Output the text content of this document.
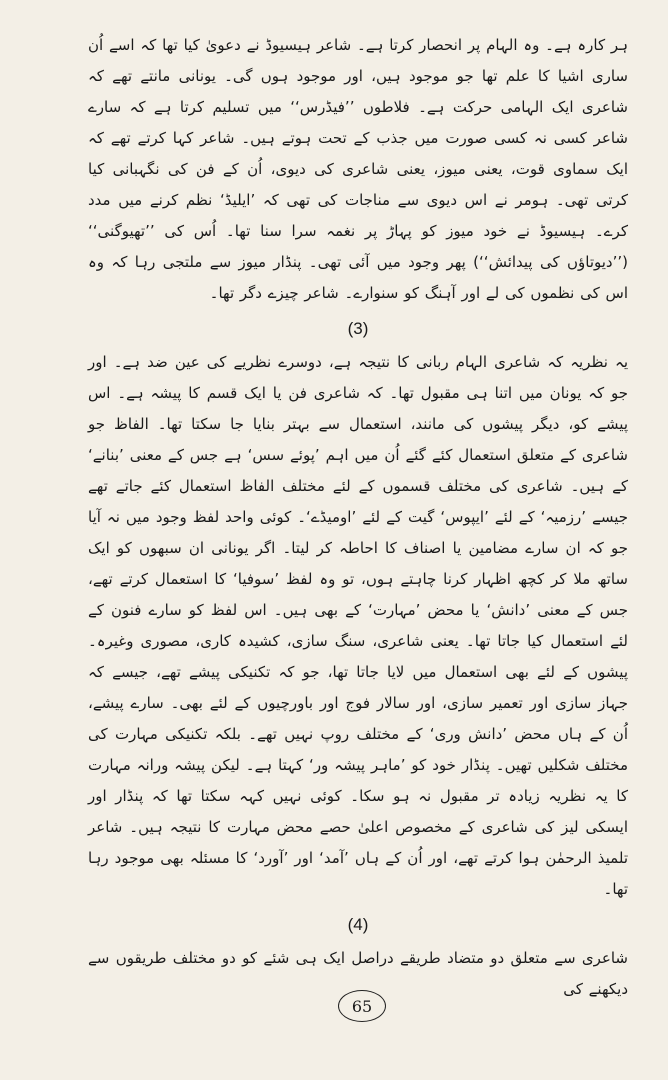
ہر کارہ ہے۔ وہ الہام پر انحصار کرتا ہے۔ شاعر ہیسیوڈ نے دعویٰ کیا تھا کہ اسے اُن ساری اشیا کا علم تھا جو موجود ہیں، اور موجود ہوں گی۔ یونانی مانتے تھے کہ شاعری ایک الہامی حرکت ہے۔ فلاطوں ’’فیڈرس‘‘ میں تسلیم کرتا ہے کہ سارے شاعر کسی نہ کسی صورت میں جذب کے تحت ہوتے ہیں۔ شاعر کہا کرتے تھے کہ ایک سماوی قوت، یعنی میوز، یعنی شاعری کی دیوی، اُن کے فن کی نگہبانی کیا کرتی تھی۔ ہومر نے اس دیوی سے مناجات کی تھی کہ ’ایلیڈ‘ نظم کرنے میں مدد کرے۔ ہیسیوڈ نے خود میوز کو پہاڑ پر نغمہ سرا سنا تھا۔ اُس کی ’’تھیوگنی‘‘ (’’دیوتاؤں کی پیدائش‘‘) پھر وجود میں آئی تھی۔ پنڈار میوز سے ملتجی رہا کہ وہ اس کی نظموں کی لے اور آہنگ کو سنوارے۔ شاعر چیزے دگر تھا۔

(3)

یہ نظریہ کہ شاعری الہام ربانی کا نتیجہ ہے، دوسرے نظریے کی عین ضد ہے۔ اور جو کہ یونان میں اتنا ہی مقبول تھا۔ کہ شاعری فن یا ایک قسم کا پیشہ ہے۔ اس پیشے کو، دیگر پیشوں کی مانند، استعمال سے بہتر بنایا جا سکتا تھا۔ الفاظ جو شاعری کے متعلق استعمال کئے گئے اُن میں اہم ’پوئے سس‘ ہے جس کے معنی ’بنانے‘ کے ہیں۔ شاعری کی مختلف قسموں کے لئے مختلف الفاظ استعمال کئے جاتے تھے جیسے ’رزمیہ‘ کے لئے ’ایپوس‘ گیت کے لئے ’اومیڈے‘۔ کوئی واحد لفظ وجود میں نہ آیا جو کہ ان سارے مضامین یا اصناف کا احاطہ کر لیتا۔ اگر یونانی ان سبھوں کو ایک ساتھ ملا کر کچھ اظہار کرنا چاہتے ہوں، تو وہ لفظ ’سوفیا‘ کا استعمال کرتے تھے، جس کے معنی ’دانش‘ یا محض ’مہارت‘ کے بھی ہیں۔ اس لفظ کو سارے فنون کے لئے استعمال کیا جاتا تھا۔ یعنی شاعری، سنگ سازی، کشیدہ کاری، مصوری وغیرہ۔ پیشوں کے لئے بھی استعمال میں لایا جاتا تھا، جو کہ تکنیکی پیشے تھے، جیسے کہ جہاز سازی اور تعمیر سازی، اور سالار فوج اور باورچیوں کے لئے بھی۔ سارے پیشے، اُن کے ہاں محض ’دانش وری‘ کے مختلف روپ نہیں تھے۔ بلکہ تکنیکی مہارت کی مختلف شکلیں تھیں۔ پنڈار خود کو ’ماہر پیشہ ور‘ کہتا ہے۔ لیکن پیشہ ورانہ مہارت کا یہ نظریہ زیادہ تر مقبول نہ ہو سکا۔ کوئی نہیں کہہ سکتا تھا کہ پنڈار اور ایسکی لیز کی شاعری کے مخصوص اعلیٰ حصے محض مہارت کا نتیجہ ہیں۔ شاعر تلمیذ الرحمٰن ہوا کرتے تھے، اور اُن کے ہاں ’آمد‘ اور ’آورد‘ کا مسئلہ بھی موجود رہا تھا۔

(4)

شاعری سے متعلق دو متضاد طریقے دراصل ایک ہی شئے کو دو مختلف طریقوں سے دیکھنے کی

65
